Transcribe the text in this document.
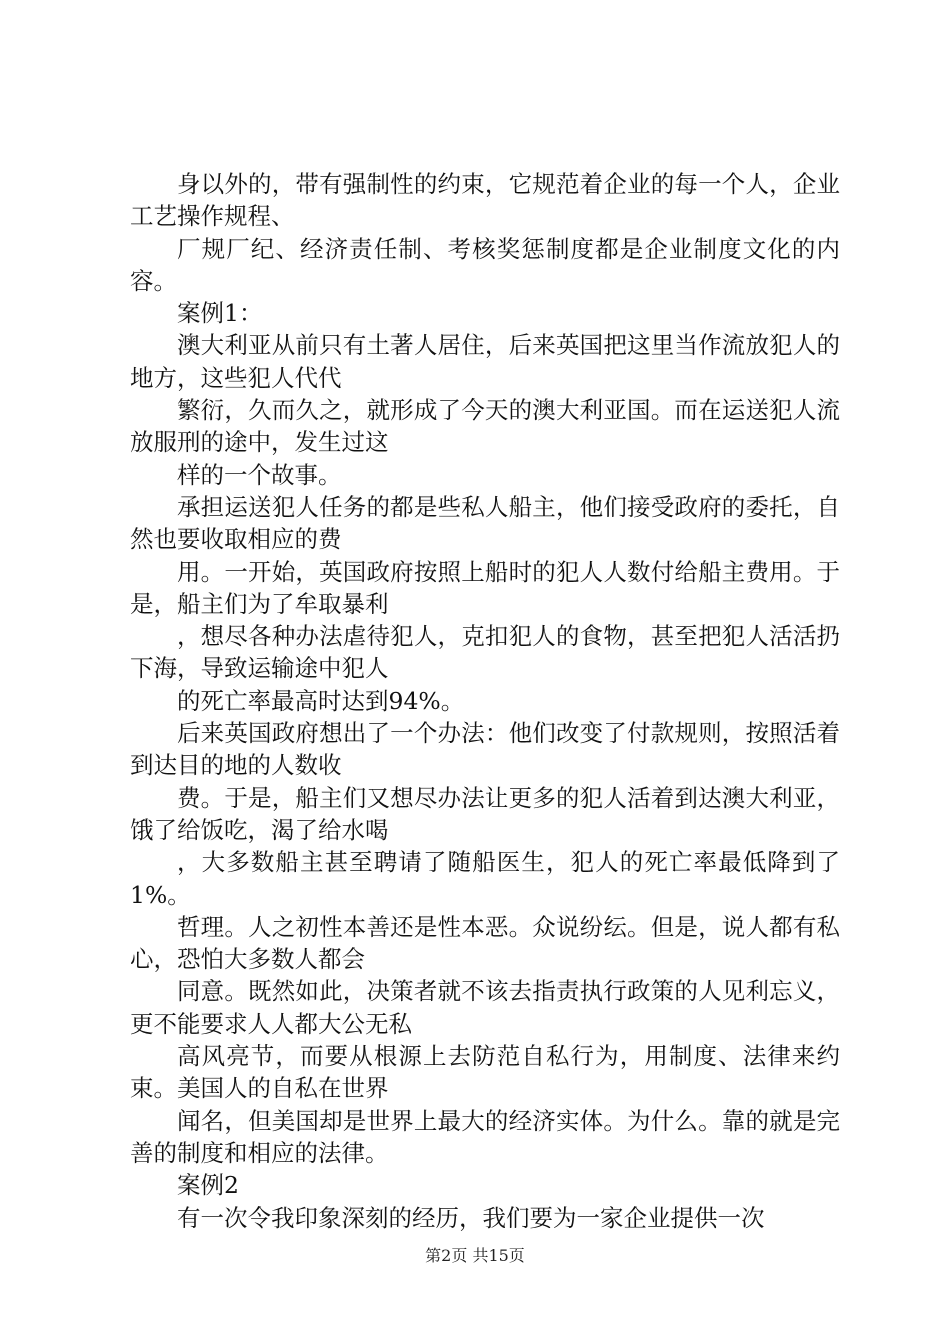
身以外的，带有强制性的约束，它规范着企业的每一个人，企业工艺操作规程、

厂规厂纪、经济责任制、考核奖惩制度都是企业制度文化的内容。

案例1：

澳大利亚从前只有土著人居住，后来英国把这里当作流放犯人的地方，这些犯人代代

繁衍，久而久之，就形成了今天的澳大利亚国。而在运送犯人流放服刑的途中，发生过这

样的一个故事。

承担运送犯人任务的都是些私人船主，他们接受政府的委托，自然也要收取相应的费

用。一开始，英国政府按照上船时的犯人人数付给船主费用。于是，船主们为了牟取暴利

，想尽各种办法虐待犯人，克扣犯人的食物，甚至把犯人活活扔下海，导致运输途中犯人

的死亡率最高时达到94%。

后来英国政府想出了一个办法：他们改变了付款规则，按照活着到达目的地的人数收

费。于是，船主们又想尽办法让更多的犯人活着到达澳大利亚，饿了给饭吃，渴了给水喝

，大多数船主甚至聘请了随船医生，犯人的死亡率最低降到了1%。

哲理。人之初性本善还是性本恶。众说纷纭。但是，说人都有私心，恐怕大多数人都会

同意。既然如此，决策者就不该去指责执行政策的人见利忘义，更不能要求人人都大公无私

高风亮节，而要从根源上去防范自私行为，用制度、法律来约束。美国人的自私在世界

闻名，但美国却是世界上最大的经济实体。为什么。靠的就是完善的制度和相应的法律。

案例2

有一次令我印象深刻的经历，我们要为一家企业提供一次

第2页 共15页
